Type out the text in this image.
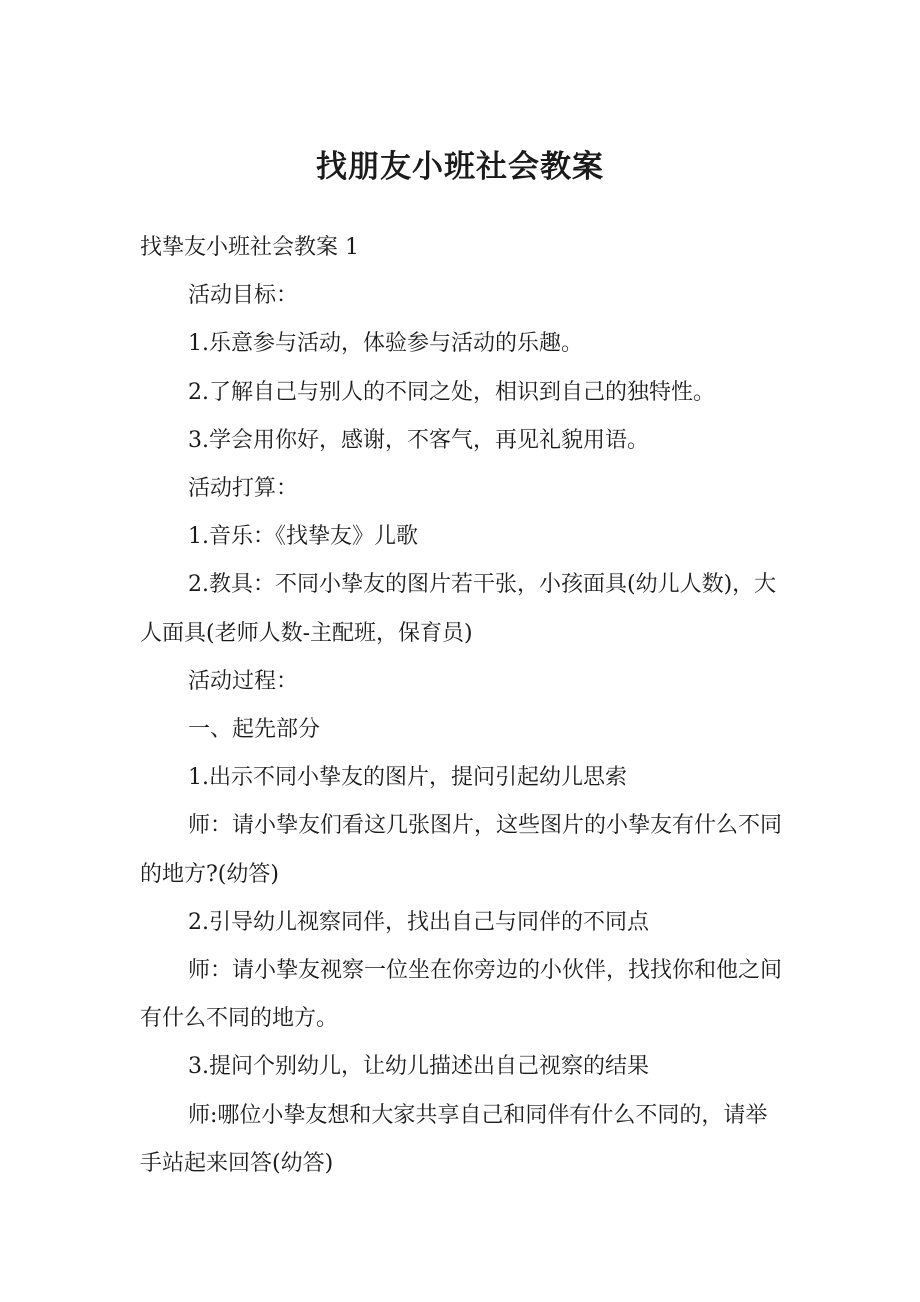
找朋友小班社会教案

找挚友小班社会教案 1

活动目标：

1.乐意参与活动，体验参与活动的乐趣。

2.了解自己与别人的不同之处，相识到自己的独特性。

3.学会用你好，感谢，不客气，再见礼貌用语。

活动打算：

1.音乐：《找挚友》儿歌

2.教具：不同小挚友的图片若干张，小孩面具(幼儿人数)，大人面具(老师人数-主配班，保育员)

活动过程：

一、起先部分

1.出示不同小挚友的图片，提问引起幼儿思索

师：请小挚友们看这几张图片，这些图片的小挚友有什么不同的地方?(幼答)

2.引导幼儿视察同伴，找出自己与同伴的不同点

师：请小挚友视察一位坐在你旁边的小伙伴，找找你和他之间有什么不同的地方。

3.提问个别幼儿，让幼儿描述出自己视察的结果

师:哪位小挚友想和大家共享自己和同伴有什么不同的，请举手站起来回答(幼答)
